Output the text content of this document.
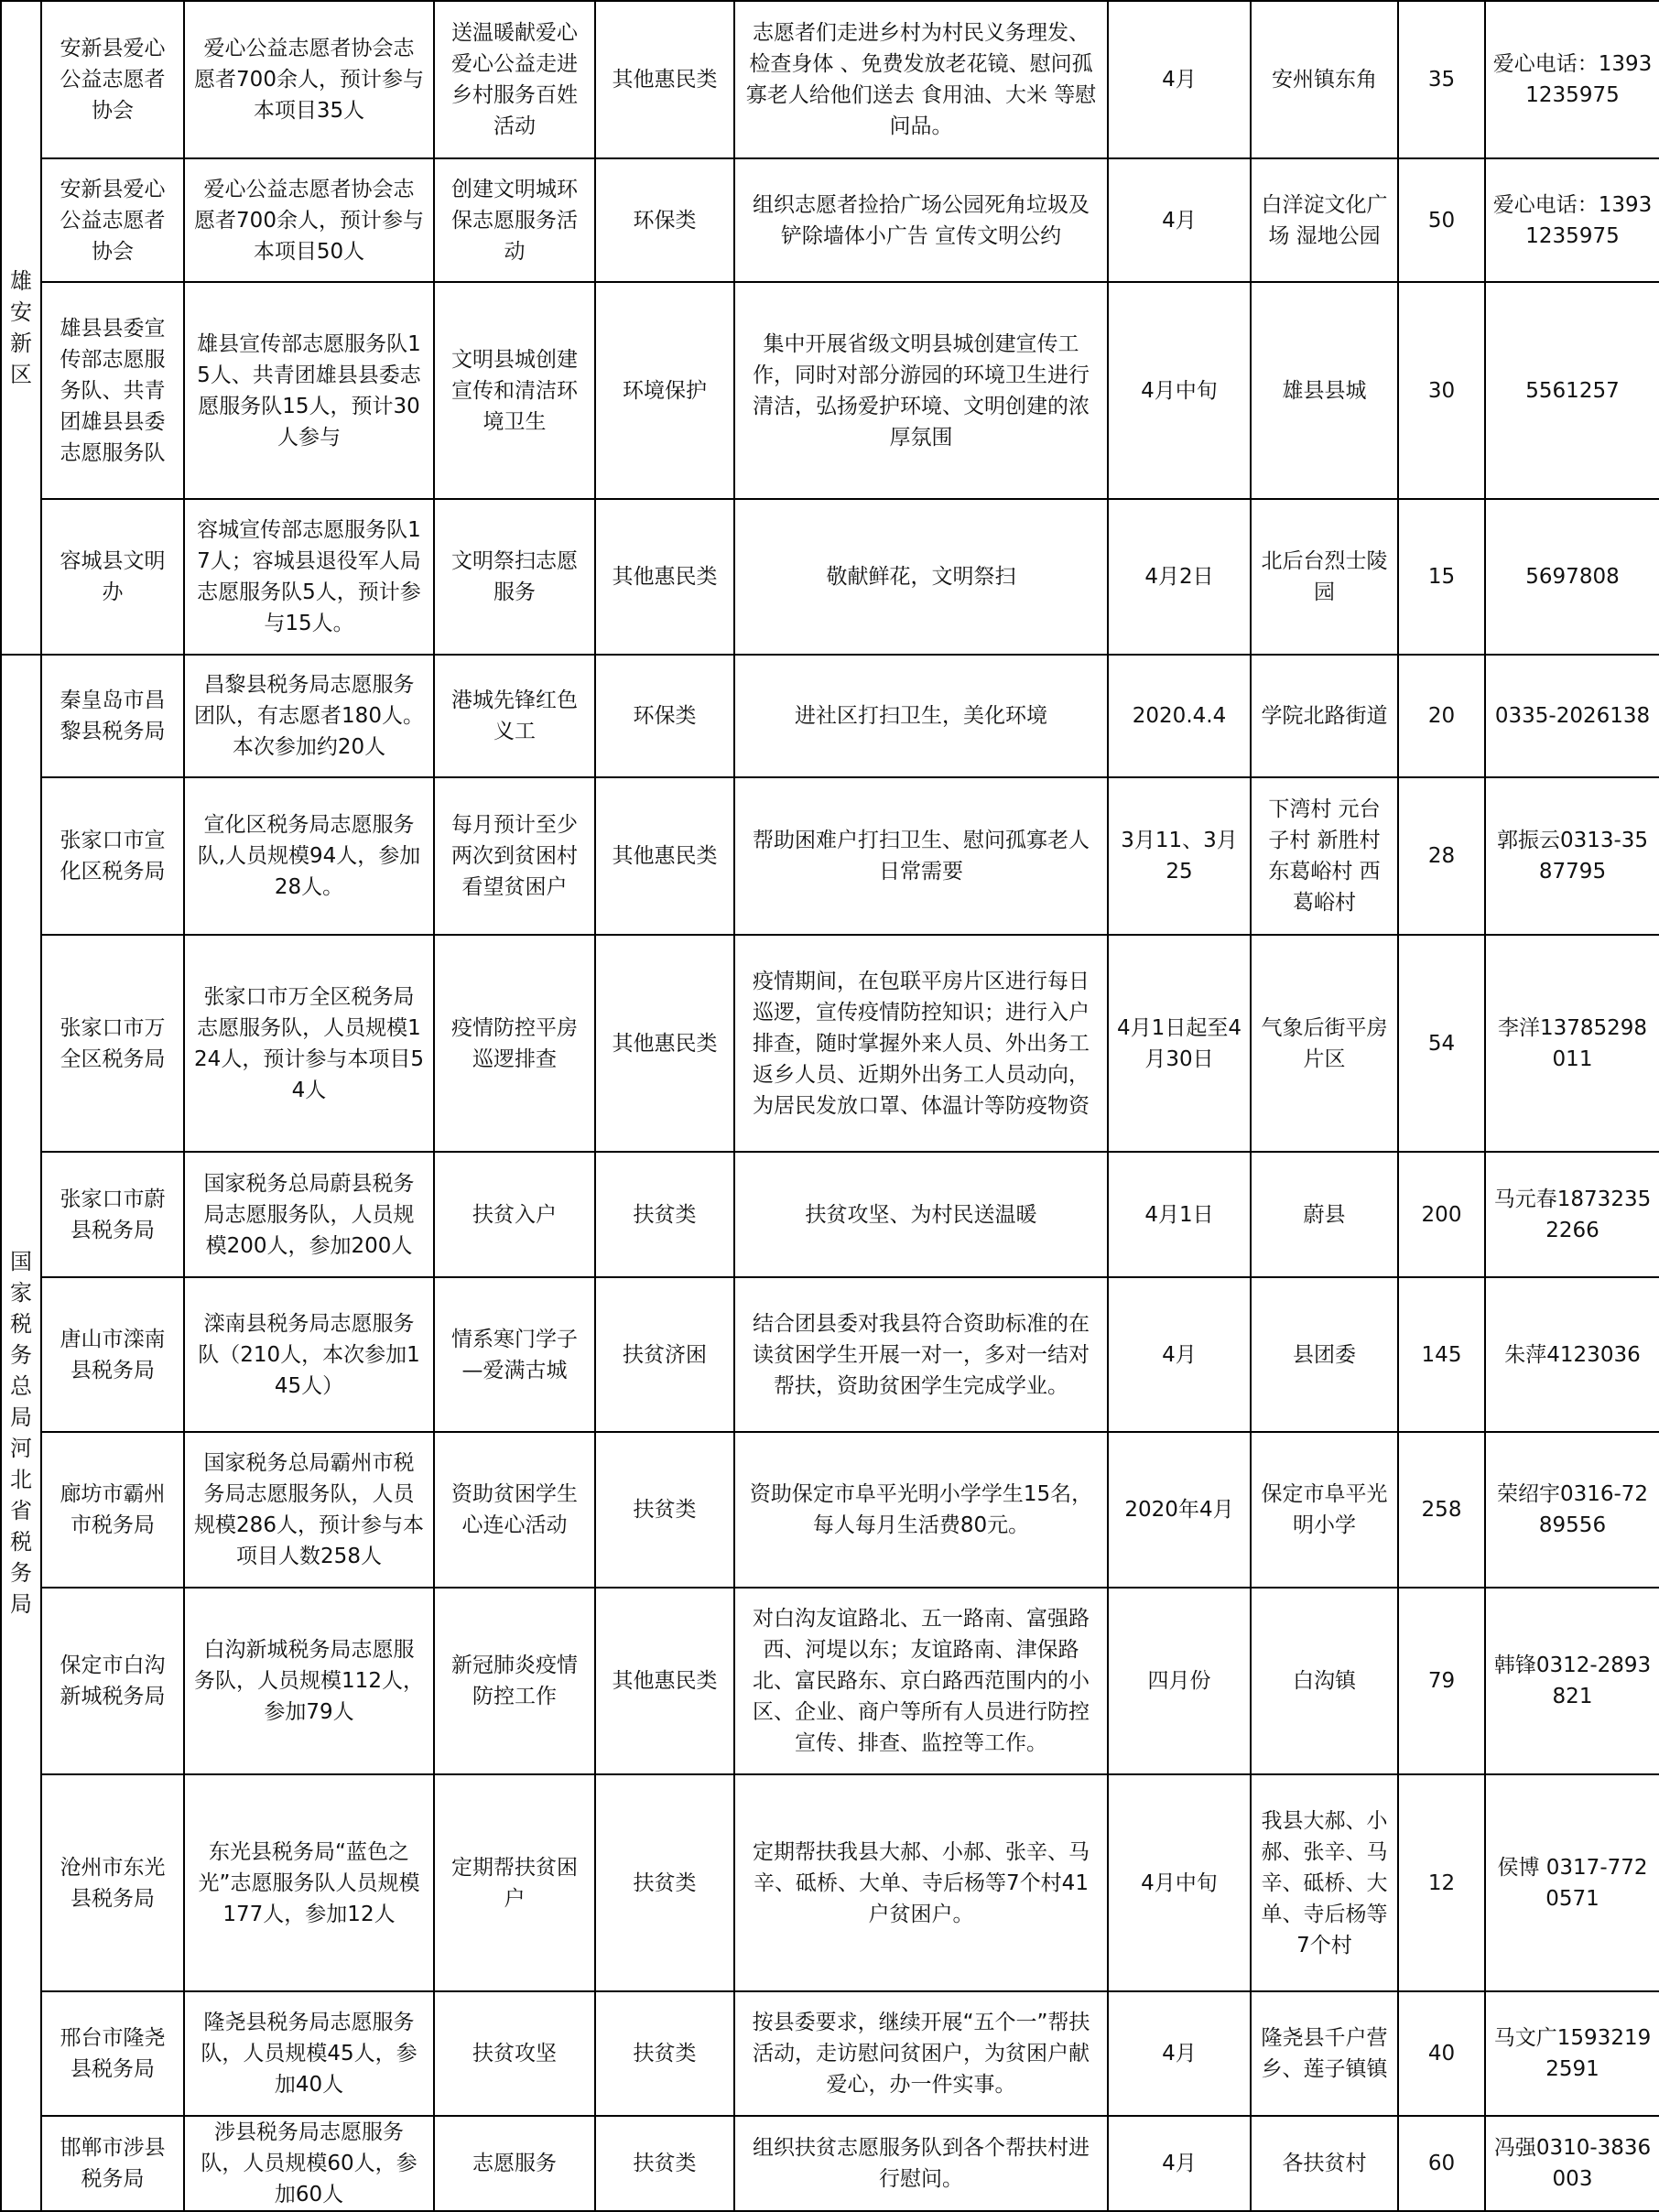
雄安新区	安新县爱心公益志愿者协会	爱心公益志愿者协会志愿者700余人，预计参与本项目35人	送温暖献爱心 爱心公益走进乡村服务百姓活动	其他惠民类	志愿者们走进乡村为村民义务理发、 检查身体 、免费发放老花镜、慰问孤寡老人给他们送去 食用油、大米 等慰问品。	4月	安州镇东角	35	爱心电话：13931235975
	安新县爱心公益志愿者协会	爱心公益志愿者协会志愿者700余人，预计参与本项目50人	创建文明城环保志愿服务活动	环保类	组织志愿者捡拾广场公园死角垃圾及铲除墙体小广告 宣传文明公约	4月	白洋淀文化广场 湿地公园	50	爱心电话：13931235975
	雄县县委宣传部志愿服务队、共青团雄县县委志愿服务队	雄县宣传部志愿服务队15人、共青团雄县县委志愿服务队15人，预计30人参与	文明县城创建宣传和清洁环境卫生	环境保护	集中开展省级文明县城创建宣传工作，同时对部分游园的环境卫生进行清洁，弘扬爱护环境、文明创建的浓厚氛围	4月中旬	雄县县城	30	5561257
	容城县文明办	容城宣传部志愿服务队17人；容城县退役军人局志愿服务队5人，预计参与15人。	文明祭扫志愿服务	其他惠民类	敬献鲜花，文明祭扫	4月2日	北后台烈士陵园	15	5697808
国家税务总局河北省税务局	秦皇岛市昌黎县税务局	昌黎县税务局志愿服务团队，有志愿者180人。本次参加约20人	港城先锋红色义工	环保类	进社区打扫卫生，美化环境	2020.4.4	学院北路街道	20	0335-2026138
	张家口市宣化区税务局	宣化区税务局志愿服务队,人员规模94人，参加28人。	每月预计至少两次到贫困村看望贫困户	其他惠民类	帮助困难户打扫卫生、慰问孤寡老人日常需要	3月11、3月25	下湾村 元台子村 新胜村 东葛峪村 西葛峪村	28	郭振云0313-3587795
	张家口市万全区税务局	张家口市万全区税务局志愿服务队，人员规模124人，预计参与本项目54人	疫情防控平房巡逻排查	其他惠民类	疫情期间，在包联平房片区进行每日巡逻，宣传疫情防控知识；进行入户排查，随时掌握外来人员、外出务工返乡人员、近期外出务工人员动向，为居民发放口罩、体温计等防疫物资	4月1日起至4月30日	气象后街平房片区	54	李洋13785298011
	张家口市蔚县税务局	国家税务总局蔚县税务局志愿服务队，人员规模200人，参加200人	扶贫入户	扶贫类	扶贫攻坚、为村民送温暖	4月1日	蔚县	200	马元春18732352266
	唐山市滦南县税务局	滦南县税务局志愿服务队（210人，本次参加145人）	情系寒门学子—爱满古城	扶贫济困	结合团县委对我县符合资助标准的在读贫困学生开展一对一，多对一结对帮扶，资助贫困学生完成学业。	4月	县团委	145	朱萍4123036
	廊坊市霸州市税务局	国家税务总局霸州市税务局志愿服务队，人员规模286人，预计参与本项目人数258人	资助贫困学生心连心活动	扶贫类	资助保定市阜平光明小学学生15名，每人每月生活费80元。	2020年4月	保定市阜平光明小学	258	荣绍宇0316-7289556
	保定市白沟新城税务局	白沟新城税务局志愿服务队，人员规模112人，参加79人	新冠肺炎疫情防控工作	其他惠民类	对白沟友谊路北、五一路南、富强路西、河堤以东；友谊路南、津保路北、富民路东、京白路西范围内的小区、企业、商户等所有人员进行防控宣传、排查、监控等工作。	四月份	白沟镇	79	韩锋0312-2893821
	沧州市东光县税务局	东光县税务局“蓝色之光”志愿服务队人员规模177人，参加12人	定期帮扶贫困户	扶贫类	定期帮扶我县大郝、小郝、张辛、马辛、砥桥、大单、寺后杨等7个村41户贫困户。	4月中旬	我县大郝、小郝、张辛、马辛、砥桥、大单、寺后杨等7个村	12	侯博 0317-7720571
	邢台市隆尧县税务局	隆尧县税务局志愿服务队，人员规模45人，参加40人	扶贫攻坚	扶贫类	按县委要求，继续开展“五个一”帮扶活动，走访慰问贫困户，为贫困户献爱心，办一件实事。	4月	隆尧县千户营乡、莲子镇镇	40	马文广15932192591
	邯郸市涉县税务局	涉县税务局志愿服务队，人员规模60人，参加60人	志愿服务	扶贫类	组织扶贫志愿服务队到各个帮扶村进行慰问。	4月	各扶贫村	60	冯强0310-3836003
